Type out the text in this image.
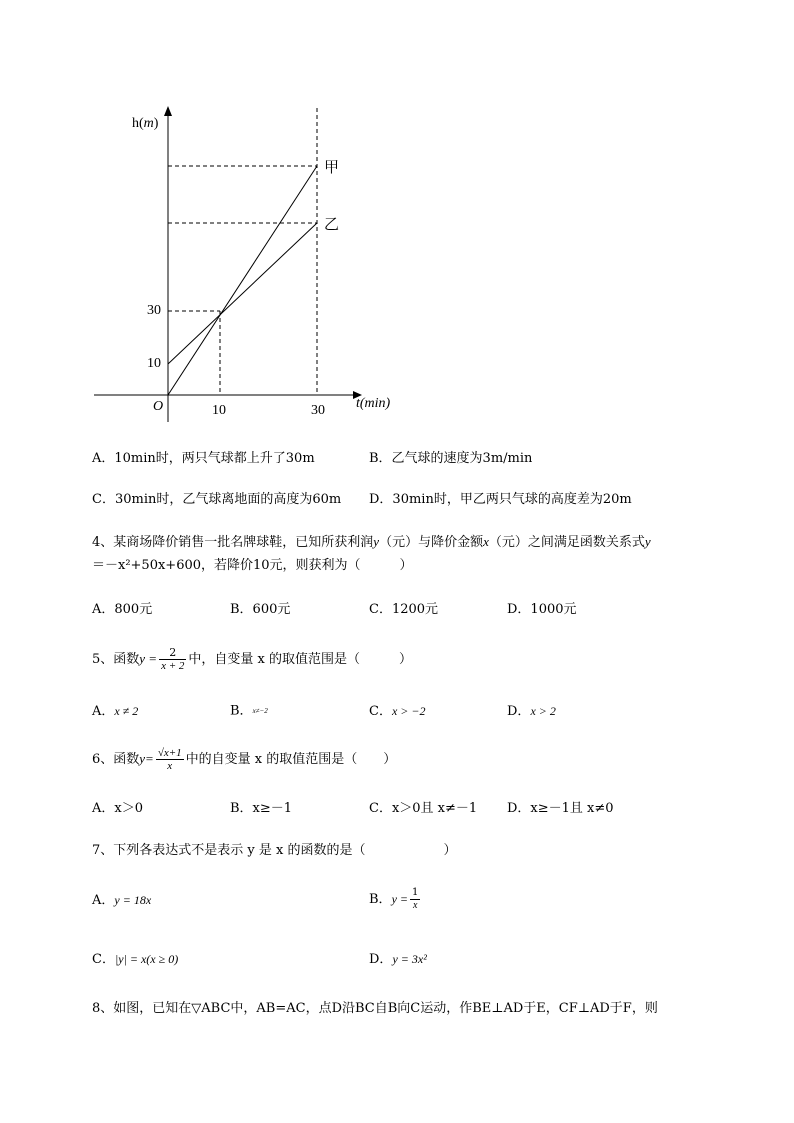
h(m)
t(min)
O	10	30
10
30
甲
乙
A．10min时，两只气球都上升了30m	B．乙气球的速度为3m/min
C．30min时，乙气球离地面的高度为60m D．30min时，甲乙两只气球的高度差为20m
4、某商场降价销售一批名牌球鞋，已知所获利润y（元）与降价金额x（元）之间满足函数关系式y
＝－x²+50x+600，若降价10元，则获利为（　　　）
A．800元	B．600元	C．1200元	D．1000元
5、函数$y = \frac{2}{x + 2}$ 中，自变量 x 的取值范围是（　　　）
A．x ≠ 2	B．x≠−2	C．x > −2	D．x > 2
6、函数$y= \frac{√x+1}{x}$ 中的自变量 x 的取值范围是（　　）
A．x＞0	B．x≥－1	C．x＞0且 x≠－1 D．x≥－1且 x≠0
7、下列各表达式不是表示 y 是 x 的函数的是（　　　　　　）
A．y = 18x	B．$y = \frac{1}{x}$
C．|y| = x(x ≥ 0)	D．y = 3x²
8、如图，已知在▽ABC中，AB=AC，点D沿BC自B向C运动，作BE⊥AD于E，CF⊥AD于F，则
